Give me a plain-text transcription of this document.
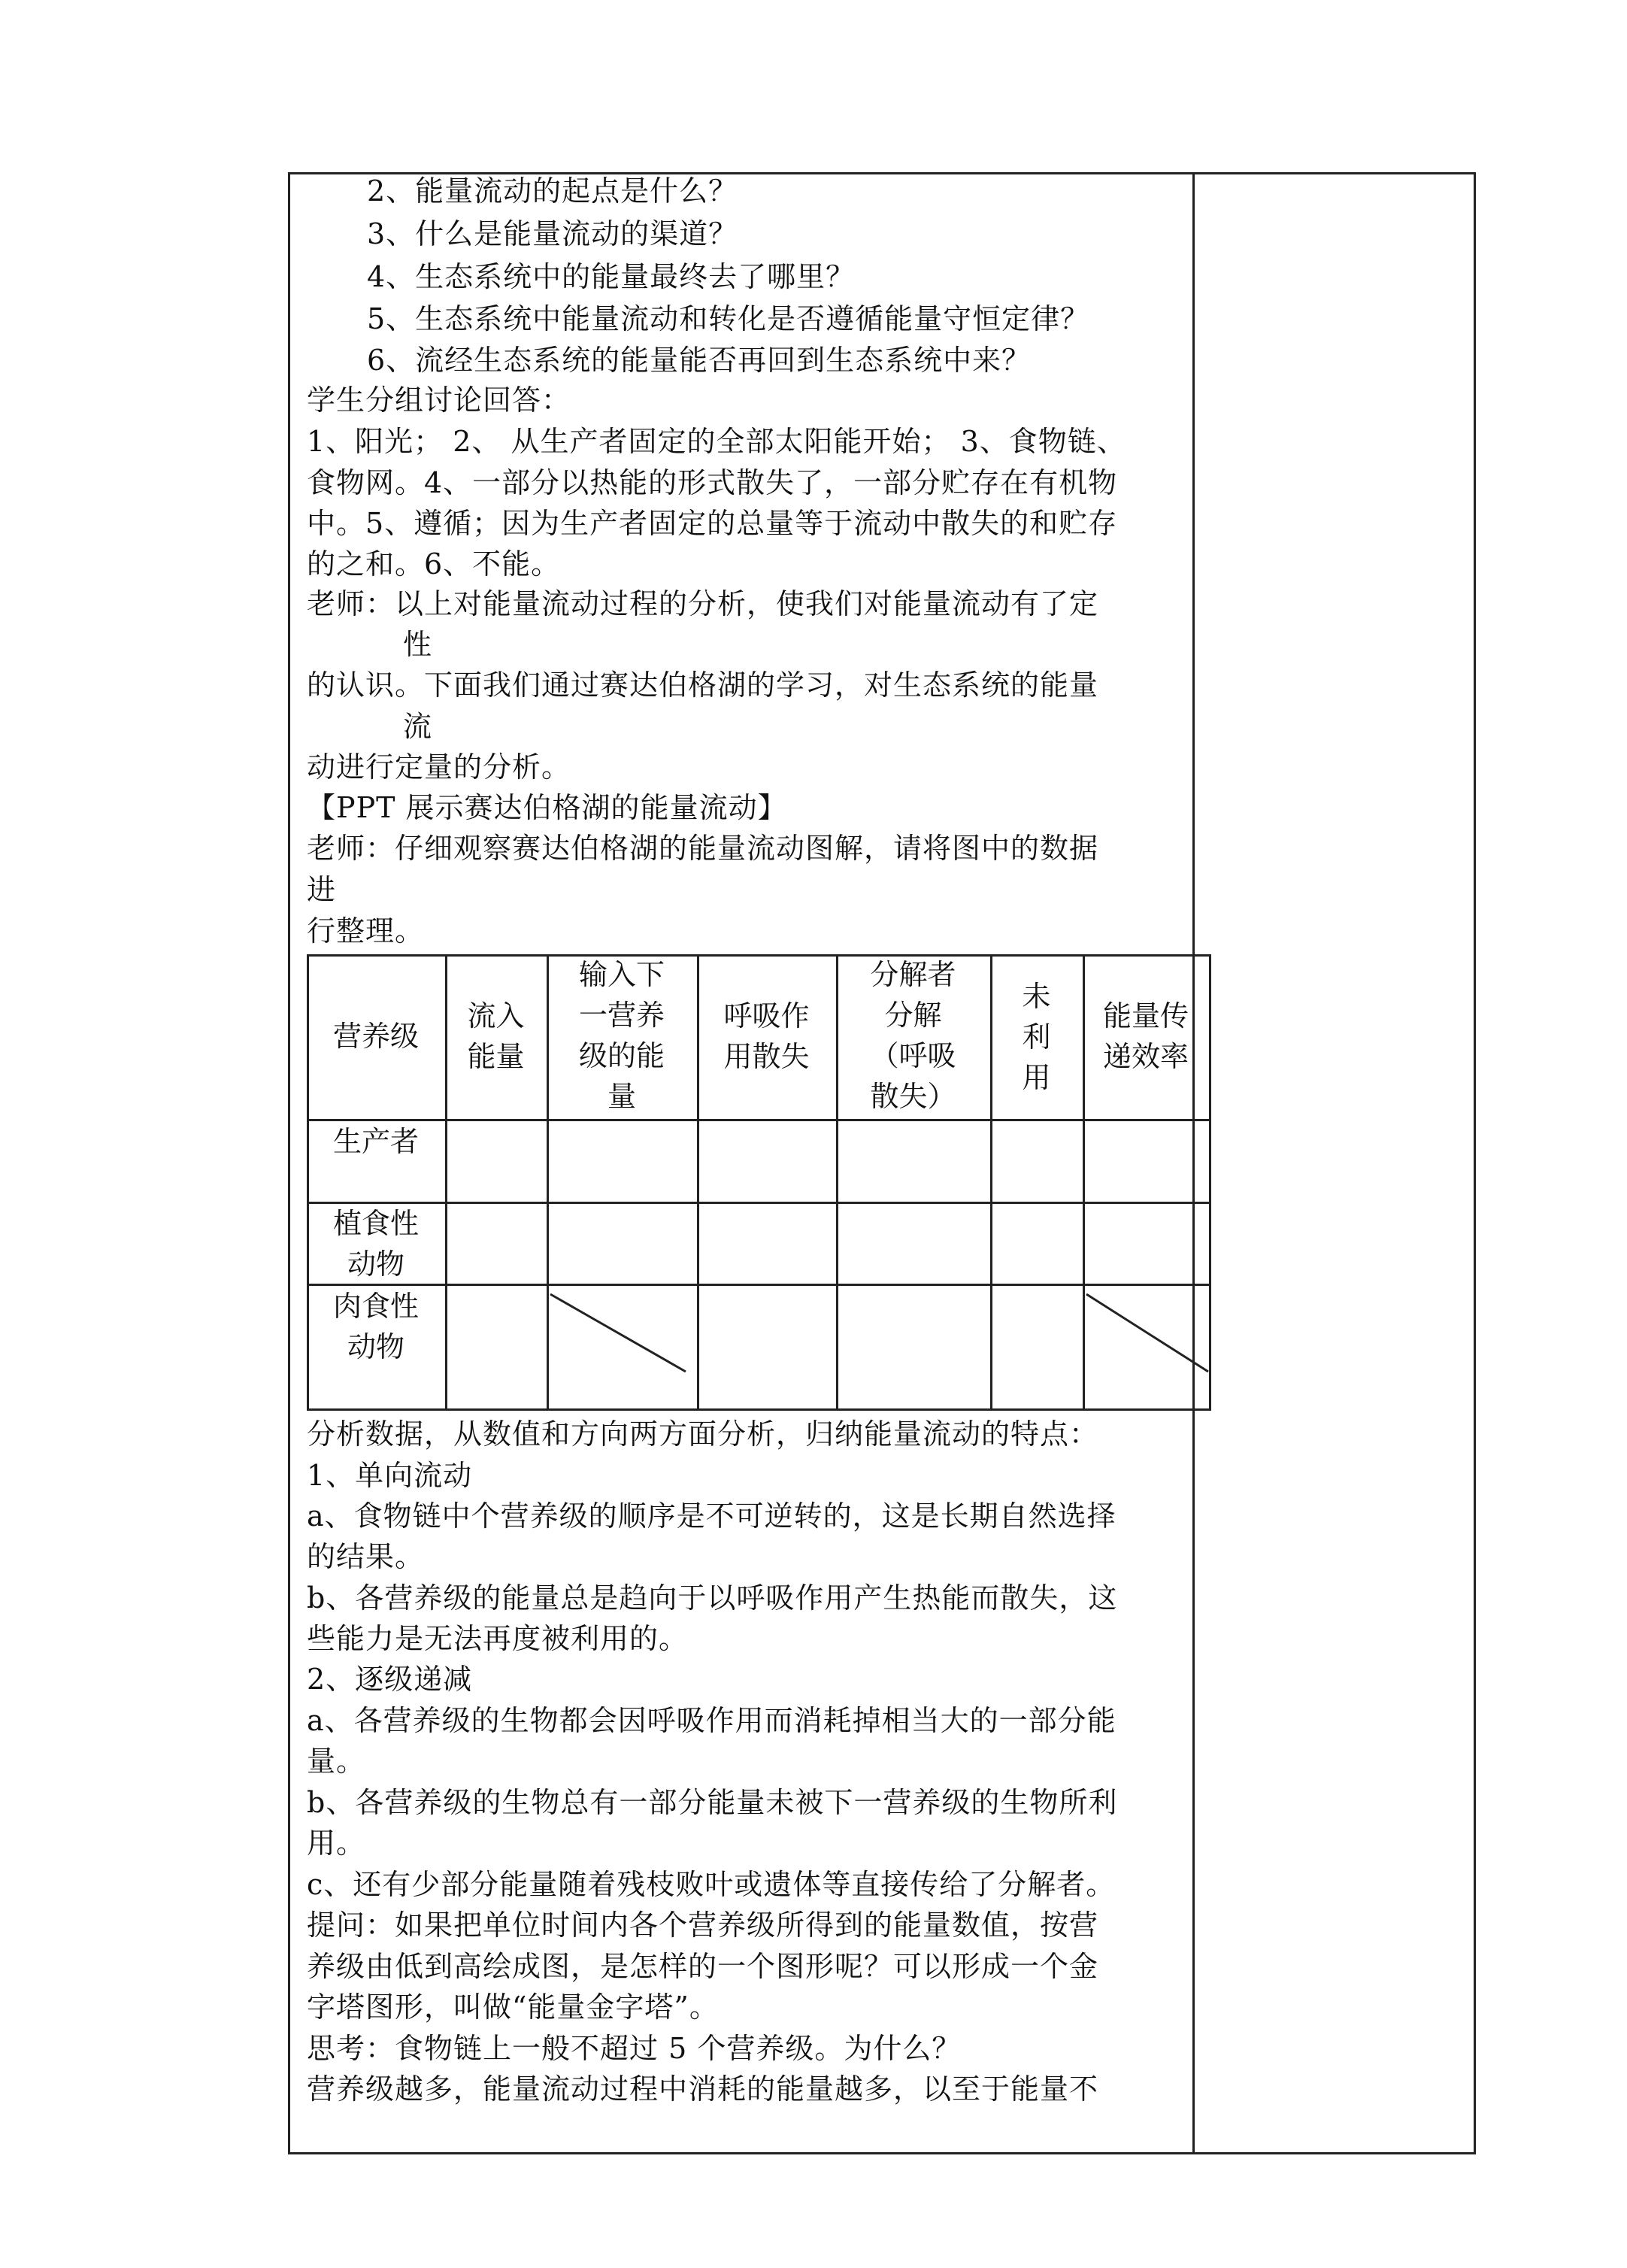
2、能量流动的起点是什么？
3、什么是能量流动的渠道？
4、生态系统中的能量最终去了哪里？
5、生态系统中能量流动和转化是否遵循能量守恒定律？
6、流经生态系统的能量能否再回到生态系统中来？
学生分组讨论回答：
1、阳光； 2、 从生产者固定的全部太阳能开始； 3、食物链、
食物网。4、一部分以热能的形式散失了，一部分贮存在有机物
中。5、遵循；因为生产者固定的总量等于流动中散失的和贮存
的之和。6、不能。
老师：以上对能量流动过程的分析，使我们对能量流动有了定
性
的认识。下面我们通过赛达伯格湖的学习，对生态系统的能量
流
动进行定量的分析。
【PPT 展示赛达伯格湖的能量流动】
老师：仔细观察赛达伯格湖的能量流动图解，请将图中的数据
进
行整理。
营养级
流入
能量
输入下
一营养
级的能
量
呼吸作
用散失
分解者
分解
（呼吸
散失）
未
利
用
能量传
递效率
生产者
植食性
动物
肉食性
动物
分析数据，从数值和方向两方面分析，归纳能量流动的特点：
1、单向流动
a、食物链中个营养级的顺序是不可逆转的，这是长期自然选择
的结果。
b、各营养级的能量总是趋向于以呼吸作用产生热能而散失，这
些能力是无法再度被利用的。
2、逐级递减
a、各营养级的生物都会因呼吸作用而消耗掉相当大的一部分能
量。
b、各营养级的生物总有一部分能量未被下一营养级的生物所利
用。
c、还有少部分能量随着残枝败叶或遗体等直接传给了分解者。
提问：如果把单位时间内各个营养级所得到的能量数值，按营
养级由低到高绘成图，是怎样的一个图形呢？可以形成一个金
字塔图形，叫做“能量金字塔”。
思考：食物链上一般不超过 5 个营养级。为什么？
营养级越多，能量流动过程中消耗的能量越多，以至于能量不
